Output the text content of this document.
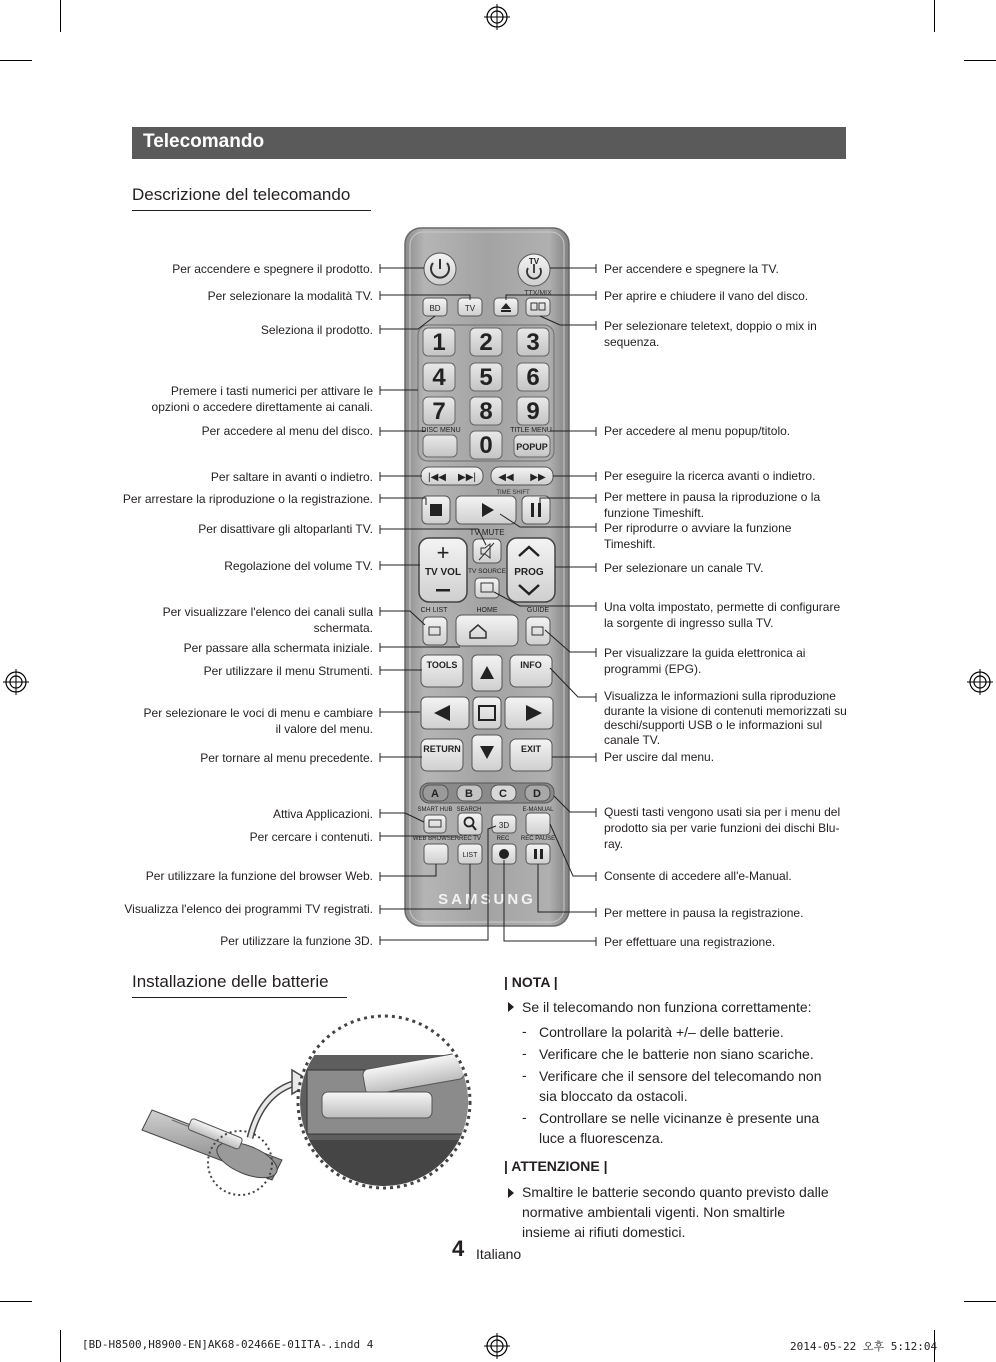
Telecomando
Descrizione del telecomando
TV
TTX/MIX
BD	TV
1 2 3
4 5 6
7 8 9
0
DISC MENU	TITLE MENU
POPUP
|◀◀ ▶▶| ◀◀ ▶▶
TIME SHIFT
TV MUTE
+
TV VOL	PROG
TV SOURCE
CH LIST	HOME	GUIDE
TOOLS	INFO
RETURN	EXIT
A B C D
SMART HUB SEARCH	E-MANUAL
WEB BROWSER REC TV	REC REC PAUSE
3D
LIST
SAMSUNG
Per accendere e spegnere il prodotto.
Per selezionare la modalità TV.
Seleziona il prodotto.
Premere i tasti numerici per attivare le
opzioni o accedere direttamente ai canali.
Per accedere al menu del disco.
Per saltare in avanti o indietro.
Per arrestare la riproduzione o la registrazione.
Per disattivare gli altoparlanti TV.
Regolazione del volume TV.
Per visualizzare l'elenco dei canali sulla
schermata.
Per passare alla schermata iniziale.
Per utilizzare il menu Strumenti.
Per selezionare le voci di menu e cambiare
il valore del menu.
Per tornare al menu precedente.
Attiva Applicazioni.
Per cercare i contenuti.
Per utilizzare la funzione del browser Web.
Visualizza l'elenco dei programmi TV registrati.
Per utilizzare la funzione 3D.
Per accendere e spegnere la TV.
Per aprire e chiudere il vano del disco.
Per selezionare teletext, doppio o mix in sequenza.
Per accedere al menu popup/titolo.
Per eseguire la ricerca avanti o indietro.
Per mettere in pausa la riproduzione o la funzione Timeshift.
Per riprodurre o avviare la funzione Timeshift.
Per selezionare un canale TV.
Una volta impostato, permette di configurare la sorgente di ingresso sulla TV.
Per visualizzare la guida elettronica ai programmi (EPG).
Visualizza le informazioni sulla riproduzione durante la visione di contenuti memorizzati su deschi/supporti USB o le informazioni sul canale TV.
Per uscire dal menu.
Questi tasti vengono usati sia per i menu del prodotto sia per varie funzioni dei dischi Blu-ray.
Consente di accedere all'e-Manual.
Per mettere in pausa la registrazione.
Per effettuare una registrazione.
Installazione delle batterie	| NOTA |
Se il telecomando non funziona correttamente:
- Controllare la polarità +/– delle batterie.
- Verificare che le batterie non siano scariche.
- Verificare che il sensore del telecomando non sia bloccato da ostacoli.
- Controllare se nelle vicinanze è presente una luce a fluorescenza.
| ATTENZIONE |
Smaltire le batterie secondo quanto previsto dalle normative ambientali vigenti. Non smaltirle insieme ai rifiuti domestici.
4 Italiano
[BD-H8500,H8900-EN]AK68-02466E-01ITA-.indd 4	2014-05-22 오후 5:12:04
